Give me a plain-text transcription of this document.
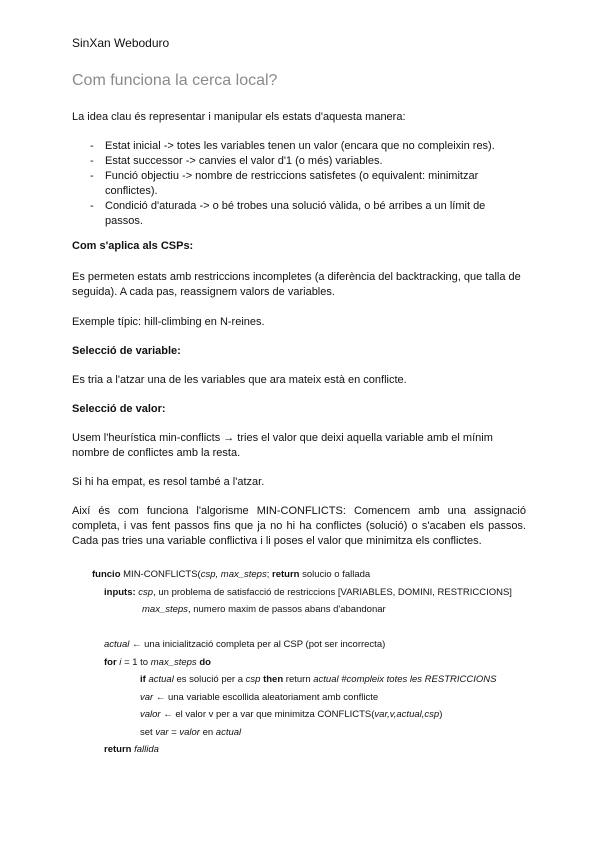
SinXan Weboduro
Com funciona la cerca local?

La idea clau és representar i manipular els estats d'aquesta manera:

- Estat inicial -> totes les variables tenen un valor (encara que no compleixin res).
- Estat successor -> canvies el valor d'1 (o més) variables.
- Funció objectiu -> nombre de restriccions satisfetes (o equivalent: minimitzar conflictes).
- Condició d'aturada -> o bé trobes una solució vàlida, o bé arribes a un límit de passos.

Com s'aplica als CSPs:

Es permeten estats amb restriccions incompletes (a diferència del backtracking, que talla de seguida). A cada pas, reassignem valors de variables.

Exemple típic: hill-climbing en N-reines.

Selecció de variable:

Es tria a l'atzar una de les variables que ara mateix està en conflicte.

Selecció de valor:

Usem l'heurística min-conflicts → tries el valor que deixi aquella variable amb el mínim nombre de conflictes amb la resta.

Si hi ha empat, es resol també a l'atzar.

Així és com funciona l'algorisme MIN-CONFLICTS: Comencem amb una assignació completa, i vas fent passos fins que ja no hi ha conflictes (solució) o s'acaben els passos. Cada pas tries una variable conflictiva i li poses el valor que minimitza els conflictes.

funcio MIN-CONFLICTS(csp, max_steps; return solucio o fallada
inputs: csp, un problema de satisfacció de restriccions [VARIABLES, DOMINI, RESTRICCIONS]
max_steps, numero maxim de passos abans d'abandonar
actual ← una inicialització completa per al CSP (pot ser incorrecta)
for i = 1 to max_steps do
if actual es solució per a csp then return actual #compleix totes les RESTRICCIONS
var ← una variable escollida aleatoriament amb conflicte
valor ← el valor v per a var que minimitza CONFLICTS(var,v,actual,csp)
set var = valor en actual
return fallida
